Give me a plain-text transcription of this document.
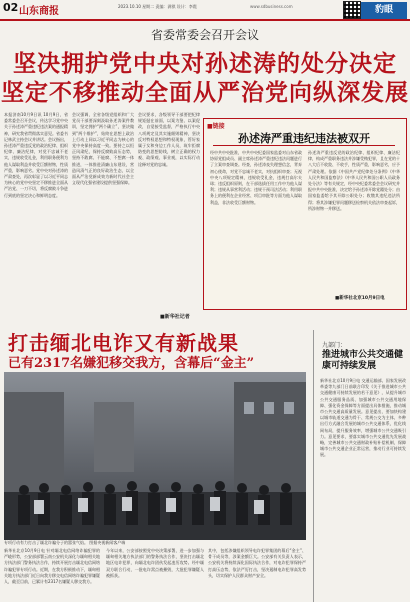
02 山东商报	2023.10.10 星期二 责编：满祺 设计：李霞	www.sdbusiness.com	豹眼
省委常委会召开会议
坚决拥护党中央对孙述涛的处分决定
坚定不移推动全面从严治党向纵深发展
本报济南10月9日讯 10月9日，省委常委会召开会议，传达学习党中央关于孙述涛严重违纪违法案的通报精神，研究我省贯彻落实意见。省委书记林武主持会议并讲话。会议指出，孙述涛严重违反党的政治纪律、组织纪律、廉洁纪律，对党不忠诚不老实，违规收受礼金，利用职务便利为他人谋取利益并收受巨额财物，性质严重，影响恶劣。党中央对孙述涛的严肃查处，再次彰显了以习近平同志为核心的党中央坚定不移推进全面从严治党、一刀不切，将反腐败斗争进行到底的坚定决心和鲜明态度。
会议强调，全省各级党组织和广大党员干部要深刻汲取孙述涛案件教训，坚定拥护“两个确立”，坚决做到“两个维护”，始终在思想上政治上行动上同以习近平同志为核心的党中央保持高度一致。要持之以恒正风肃纪，保持反腐败高压态势，坚持不敢腐、不能腐、不想腐一体推进，一体推进清廉山东建设，营造风清气正的良好政治生态，以全面从严治党新成效为新时代社会主义现代化强省建设提供坚强保障。
会议要求，各级领导干部要把纪律规矩挺在前面，以案为鉴、以案促改，自觉接受监督，严格执行中央八项规定及其实施细则精神，坚决反对特权思想和特权现象，管好家属子女和身边工作人员，筑牢拒腐防变的思想防线，树立正确的权力观、政绩观、事业观，以实际行动诠释对党的忠诚。
■新华社记者
■链接
孙述涛严重违纪违法被双开
经中共中央批准，中共中央纪委国家监委对山东省政协原党组成员、副主席孙述涛严重违纪违法问题进行了立案审查调查。经查，孙述涛丧失理想信念，背弃初心使命，对党不忠诚不老实，对抗组织审查；无视中央八项规定精神，违规收受礼金，违规打高尔夫球；违反组织原则，在干部选拔任用工作中为他人谋利；违规从事营利活动；违规干预司法活动；利用职务上的便利在企业经营、项目审批等方面为他人谋取利益，非法收受巨额财物。
孙述涛严重违反党的政治纪律、组织纪律、廉洁纪律，构成严重职务违法并涉嫌受贿犯罪，且在党的十八大后不收敛、不收手，性质严重，影响恶劣，应予严肃处理。依据《中国共产党纪律处分条例》《中华人民共和国监察法》《中华人民共和国公职人员政务处分法》等有关规定，经中央纪委常委会会议研究并报中共中央批准，决定给予孙述涛开除党籍处分；由国家监委给予其开除公职处分；收缴其违纪违法所得；将其涉嫌犯罪问题移送检察机关依法审查起诉，所涉财物一并移送。
■新华社北京10月9日电
打击缅北电诈又有新战果
已有2317名嫌犯移交我方，含幕后“金主”
专项行动有力打击了缅北诈骗分子的嚣张气焰。 图据央视新闻客户端
新华社北京10月9日电 针对缅北电信网络诈骗犯罪的严峻形势，公安部部署云南公安机关深化与缅甸相关地方执法部门警务执法合作，持续开展打击缅北电信网络诈骗犯罪专项行动。近期，在我方积极推动下，缅甸相关地方执法部门近日向我方移交电信网络诈骗犯罪嫌疑人，截至目前，已累计有2317名嫌疑人移交我方。
今年以来，公安部按照党中央决策部署，进一步加强与缅甸相关地方执法部门的警务执法合作，坚决打击缅北地区电诈犯罪，向缅北电诈团伙发起凌厉攻势。经中缅双方联合行动，一批电诈窝点被摧毁，大批犯罪嫌疑人被抓获。
其中，包括涉嫌组织领导电诈犯罪集团的幕后“金主”、骨干成员等，涉案金额巨大。公安部有关负责人表示，公安机关将持续深化国际执法合作，对电诈犯罪保持严打高压态势，依法严厉打击，坚决遏制电诈犯罪高发势头，切实保护人民群众财产安全。
九部门：
推进城市公共交通健康可持续发展
新华社北京10月9日电 交通运输部、国家发展改革委等九部门日前联合印发《关于推进城市公共交通健康可持续发展的若干意见》，从提升城市公共交通服务品质、加强城市公共交通用地保障、强化资金保障等方面提出具体措施，推动城市公共交通高质量发展。意见提出，要加快构建以城市轨道交通为骨干、常规公交为主体、多种出行方式融合发展的城市公共交通体系，优化线网布局，提升服务效率，增强城市公共交通吸引力。意见要求，要落实城市公共交通优先发展战略，完善城市公共交通财政补贴补偿机制，保障城市公共交通企业正常运营，推动行业可持续发展。
